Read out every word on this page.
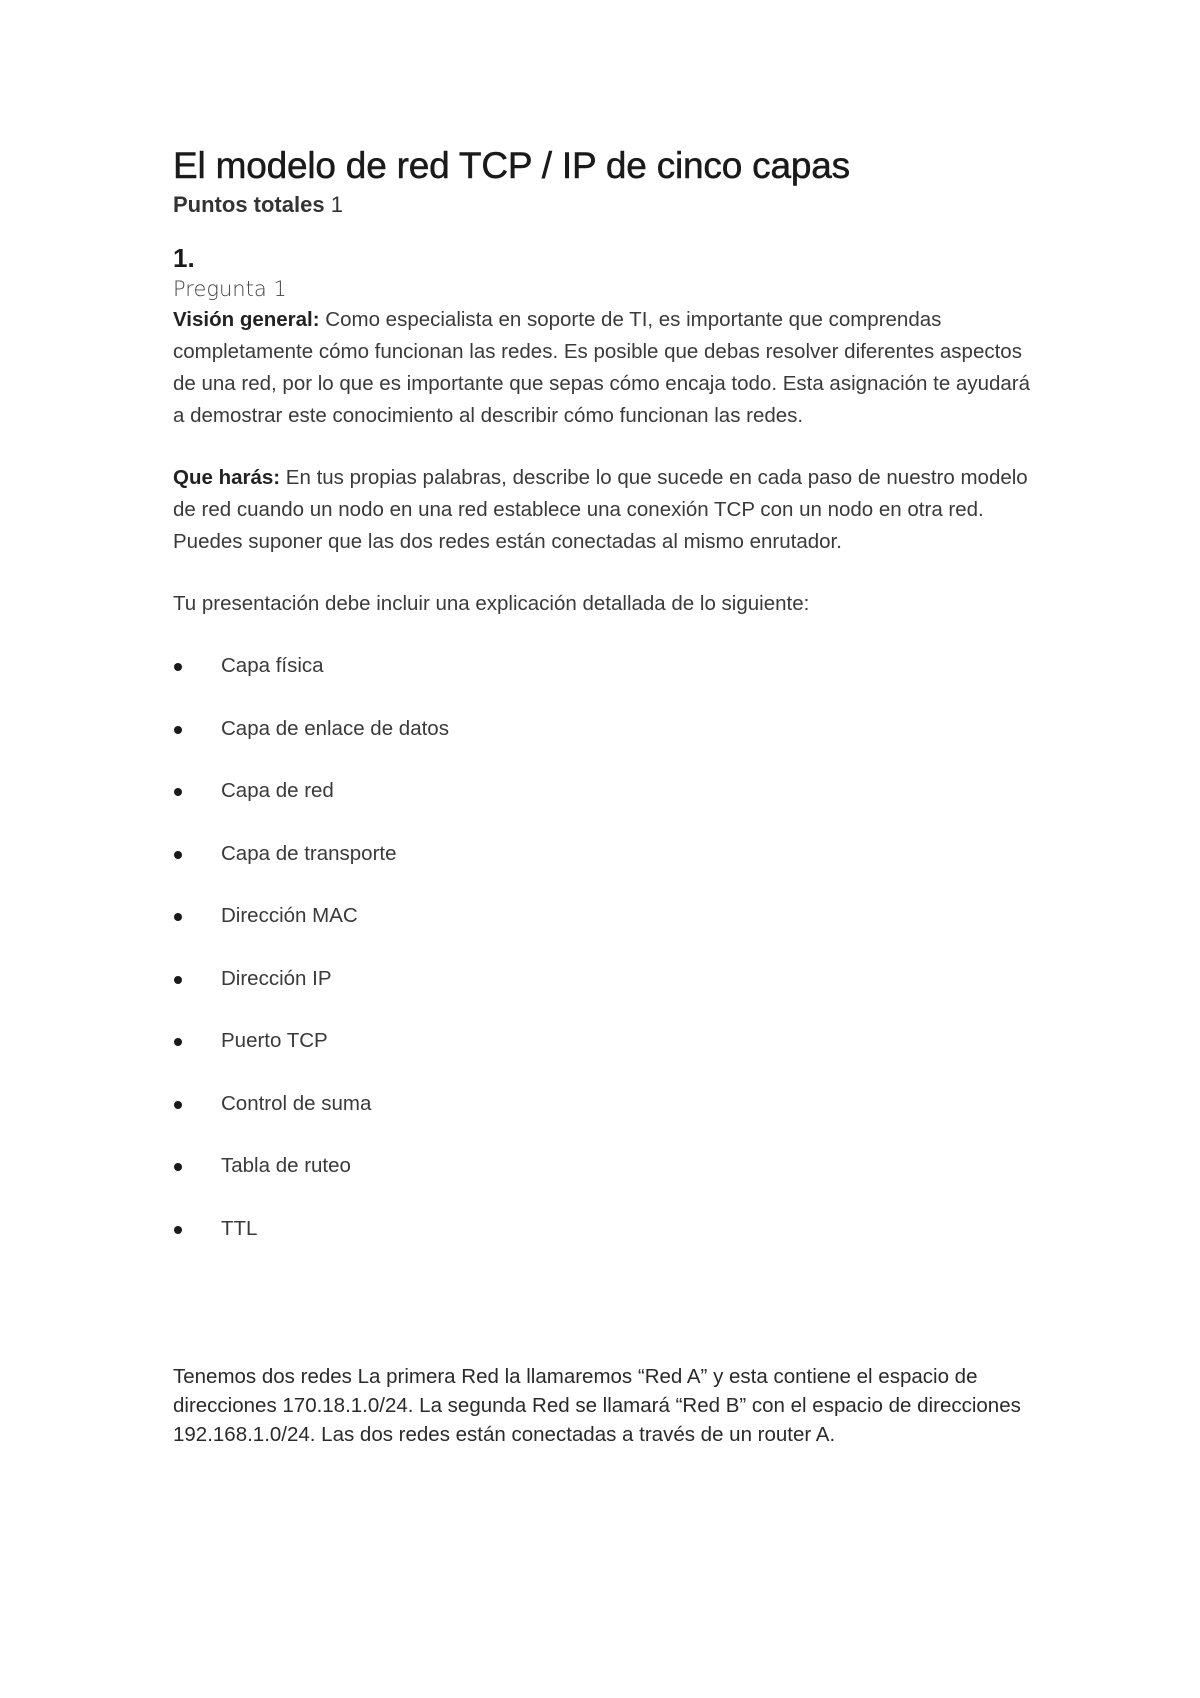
El modelo de red TCP / IP de cinco capas

Puntos totales 1

1.
Pregunta 1

Visión general: Como especialista en soporte de TI, es importante que comprendas completamente cómo funcionan las redes. Es posible que debas resolver diferentes aspectos de una red, por lo que es importante que sepas cómo encaja todo. Esta asignación te ayudará a demostrar este conocimiento al describir cómo funcionan las redes.

Que harás: En tus propias palabras, describe lo que sucede en cada paso de nuestro modelo de red cuando un nodo en una red establece una conexión TCP con un nodo en otra red. Puedes suponer que las dos redes están conectadas al mismo enrutador.

Tu presentación debe incluir una explicación detallada de lo siguiente:

Capa física
Capa de enlace de datos
Capa de red
Capa de transporte
Dirección MAC
Dirección IP
Puerto TCP
Control de suma
Tabla de ruteo
TTL

Tenemos dos redes La primera Red la llamaremos “Red A” y esta contiene el espacio de direcciones 170.18.1.0/24. La segunda Red se llamará “Red B” con el espacio de direcciones 192.168.1.0/24. Las dos redes están conectadas a través de un router A.
